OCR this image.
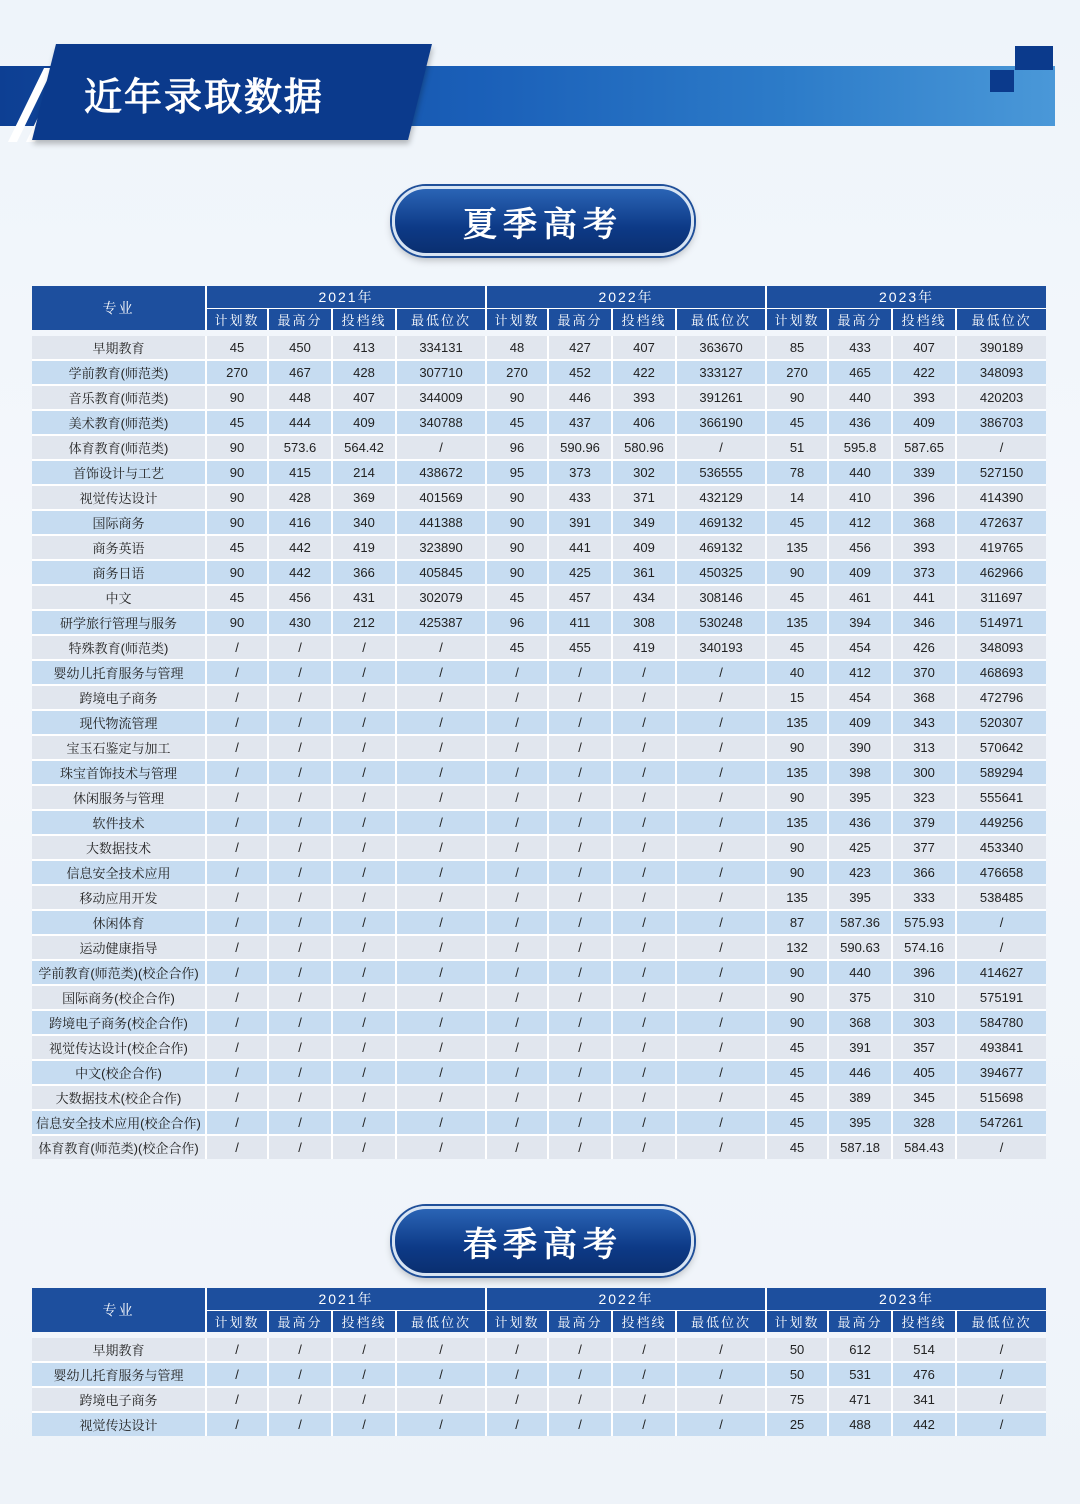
近年录取数据
夏季高考
专业	2021年				2022年				2023年			
	计划数	最高分	投档线	最低位次	计划数	最高分	投档线	最低位次	计划数	最高分	投档线	最低位次
早期教育	45	450	413	334131	48	427	407	363670	85	433	407	390189
学前教育(师范类)	270	467	428	307710	270	452	422	333127	270	465	422	348093
音乐教育(师范类)	90	448	407	344009	90	446	393	391261	90	440	393	420203
美术教育(师范类)	45	444	409	340788	45	437	406	366190	45	436	409	386703
体育教育(师范类)	90	573.6	564.42	/	96	590.96	580.96	/	51	595.8	587.65	/
首饰设计与工艺	90	415	214	438672	95	373	302	536555	78	440	339	527150
视觉传达设计	90	428	369	401569	90	433	371	432129	14	410	396	414390
国际商务	90	416	340	441388	90	391	349	469132	45	412	368	472637
商务英语	45	442	419	323890	90	441	409	469132	135	456	393	419765
商务日语	90	442	366	405845	90	425	361	450325	90	409	373	462966
中文	45	456	431	302079	45	457	434	308146	45	461	441	311697
研学旅行管理与服务	90	430	212	425387	96	411	308	530248	135	394	346	514971
特殊教育(师范类)	/	/	/	/	45	455	419	340193	45	454	426	348093
婴幼儿托育服务与管理	/	/	/	/	/	/	/	/	40	412	370	468693
跨境电子商务	/	/	/	/	/	/	/	/	15	454	368	472796
现代物流管理	/	/	/	/	/	/	/	/	135	409	343	520307
宝玉石鉴定与加工	/	/	/	/	/	/	/	/	90	390	313	570642
珠宝首饰技术与管理	/	/	/	/	/	/	/	/	135	398	300	589294
休闲服务与管理	/	/	/	/	/	/	/	/	90	395	323	555641
软件技术	/	/	/	/	/	/	/	/	135	436	379	449256
大数据技术	/	/	/	/	/	/	/	/	90	425	377	453340
信息安全技术应用	/	/	/	/	/	/	/	/	90	423	366	476658
移动应用开发	/	/	/	/	/	/	/	/	135	395	333	538485
休闲体育	/	/	/	/	/	/	/	/	87	587.36	575.93	/
运动健康指导	/	/	/	/	/	/	/	/	132	590.63	574.16	/
学前教育(师范类)(校企合作)	/	/	/	/	/	/	/	/	90	440	396	414627
国际商务(校企合作)	/	/	/	/	/	/	/	/	90	375	310	575191
跨境电子商务(校企合作)	/	/	/	/	/	/	/	/	90	368	303	584780
视觉传达设计(校企合作)	/	/	/	/	/	/	/	/	45	391	357	493841
中文(校企合作)	/	/	/	/	/	/	/	/	45	446	405	394677
大数据技术(校企合作)	/	/	/	/	/	/	/	/	45	389	345	515698
信息安全技术应用(校企合作)	/	/	/	/	/	/	/	/	45	395	328	547261
体育教育(师范类)(校企合作)	/	/	/	/	/	/	/	/	45	587.18	584.43	/
春季高考
专业	2021年				2022年				2023年			
	计划数	最高分	投档线	最低位次	计划数	最高分	投档线	最低位次	计划数	最高分	投档线	最低位次
早期教育	/	/	/	/	/	/	/	/	50	612	514	/
婴幼儿托育服务与管理	/	/	/	/	/	/	/	/	50	531	476	/
跨境电子商务	/	/	/	/	/	/	/	/	75	471	341	/
视觉传达设计	/	/	/	/	/	/	/	/	25	488	442	/
